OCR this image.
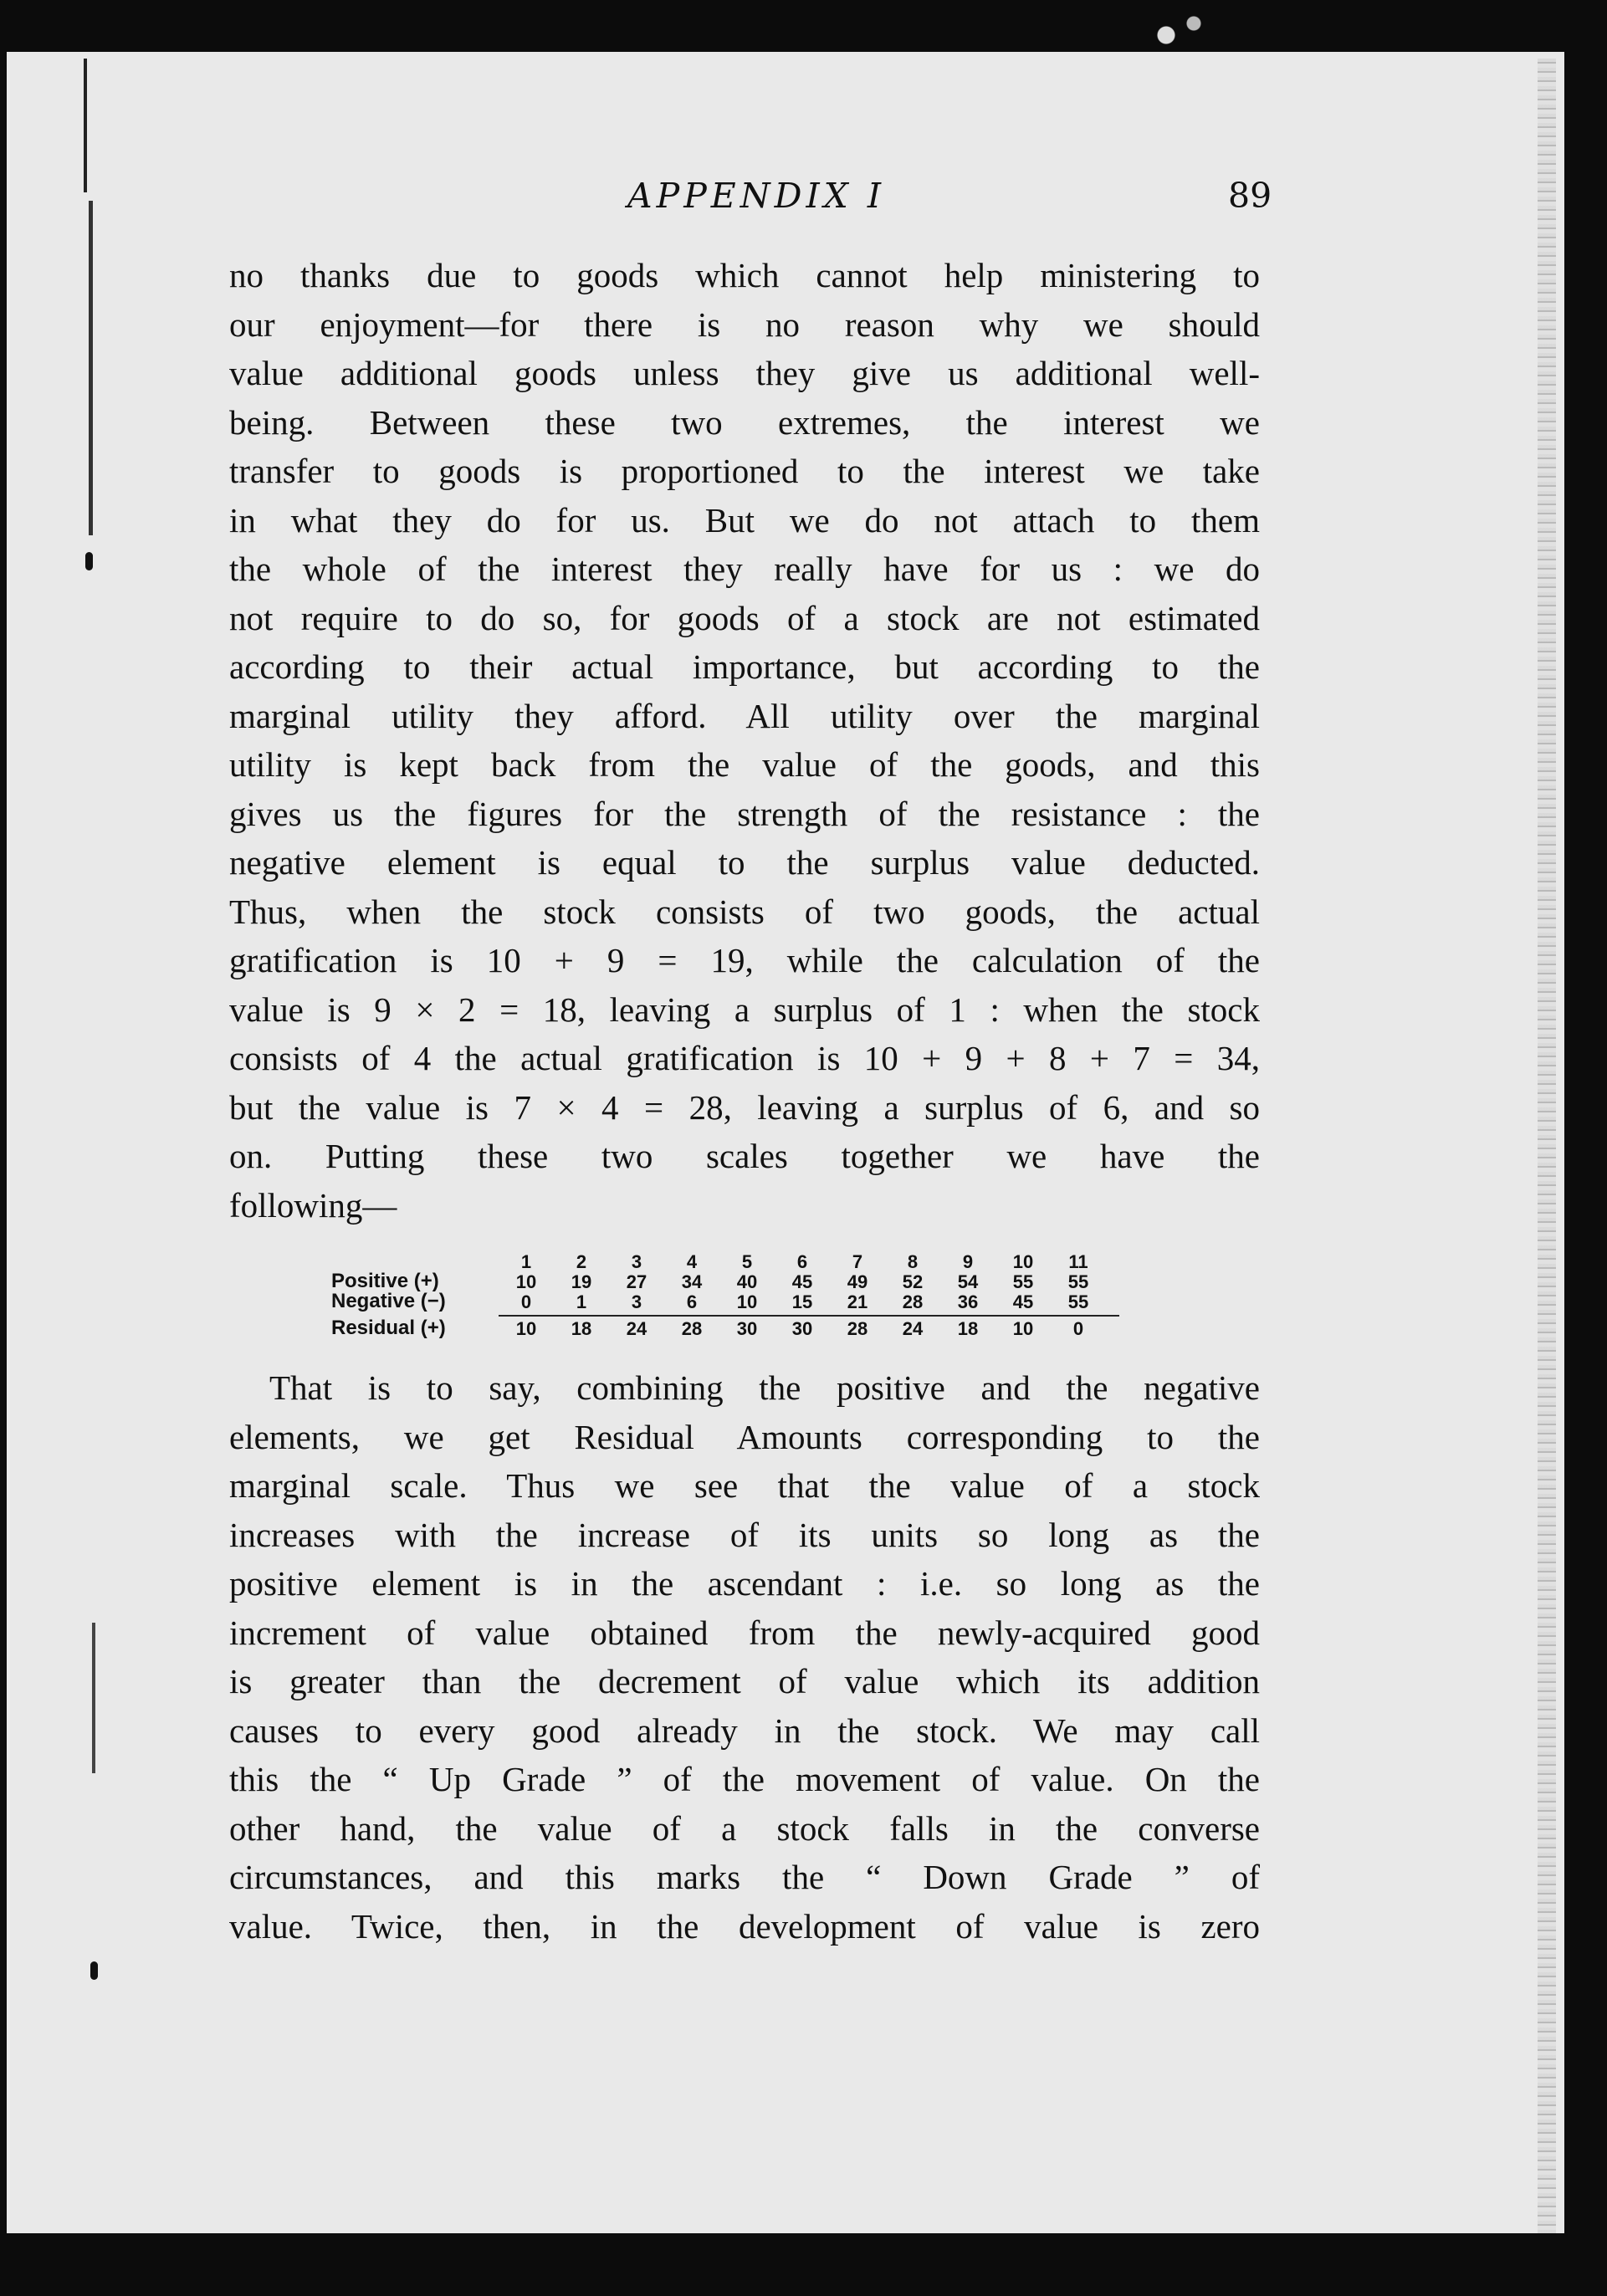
APPENDIX I	89

no thanks due to goods which cannot help ministering to

our enjoyment—for there is no reason why we should

value additional goods unless they give us additional well-

being. Between these two extremes, the interest we

transfer to goods is proportioned to the interest we take

in what they do for us. But we do not attach to them

the whole of the interest they really have for us : we do

not require to do so, for goods of a stock are not estimated

according to their actual importance, but according to the

marginal utility they afford. All utility over the marginal

utility is kept back from the value of the goods, and this

gives us the figures for the strength of the resistance : the

negative element is equal to the surplus value deducted.

Thus, when the stock consists of two goods, the actual

gratification is 10 + 9 = 19, while the calculation of the

value is 9 × 2 = 18, leaving a surplus of 1 : when the stock

consists of 4 the actual gratification is 10 + 9 + 8 + 7 = 34,

but the value is 7 × 4 = 28, leaving a surplus of 6, and so

on. Putting these two scales together we have the

following—

1	2	3	4	5	6	7	8	9	10	11
Positive (+)	10	19	27	34	40	45	49	52	54	55	55
Negative (−)	0	1	3	6	10	15	21	28	36	45	55
Residual (+)	10	18	24	28	30	30	28	24	18	10	0

That is to say, combining the positive and the negative

elements, we get Residual Amounts corresponding to the

marginal scale. Thus we see that the value of a stock

increases with the increase of its units so long as the

positive element is in the ascendant : i.e. so long as the

increment of value obtained from the newly-acquired good

is greater than the decrement of value which its addition

causes to every good already in the stock. We may call

this the “ Up Grade ” of the movement of value. On the

other hand, the value of a stock falls in the converse

circumstances, and this marks the “ Down Grade ” of

value. Twice, then, in the development of value is zero
